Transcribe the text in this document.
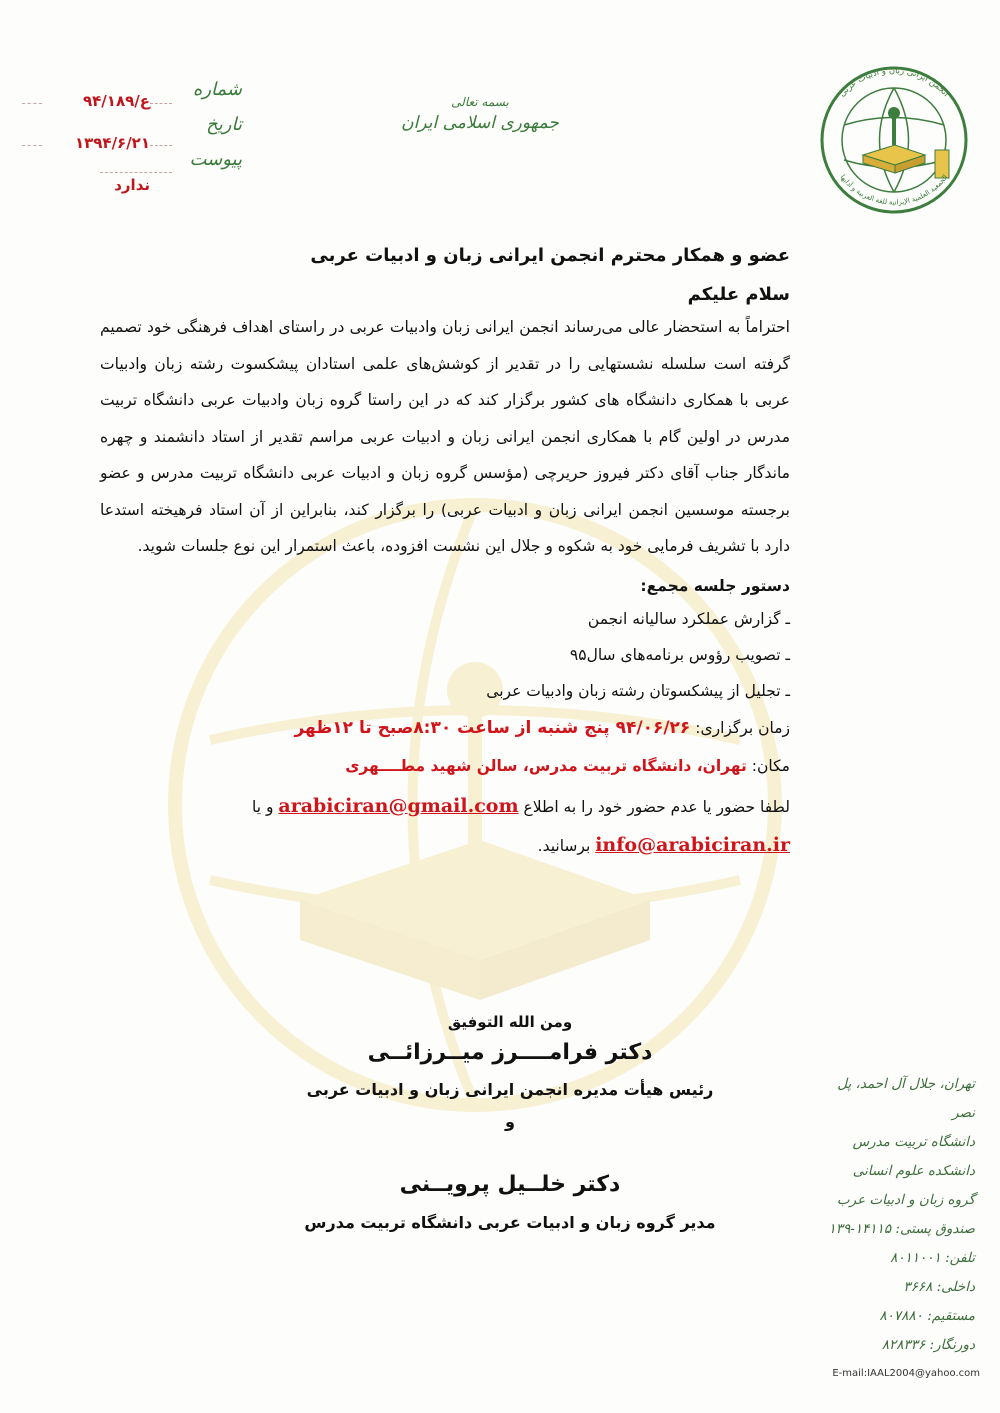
شماره
تاریخ
پیوست
ع/۹۴/۱۸۹
۱۳۹۴/۶/۲۱
ندارد
بسمه تعالی
جمهوری اسلامی ایران
انجمن ایرانی زبان و ادبیات عربی
الجمعیة العلمیة الإیرانیة للغة العربیة و آدابها

عضو و همکار محترم انجمن ایرانی زبان و ادبیات عربی

سلام علیکم

احتراماً به استحضار عالی می‌رساند انجمن ایرانی زبان وادبیات عربی در راستای اهداف فرهنگی خود تصمیم گرفته است سلسله نشستهایی را در تقدیر از کوشش‌های علمی استادان پیشکسوت رشته زبان وادبیات عربی با همکاری دانشگاه های کشور برگزار کند که در این راستا گروه زبان وادبیات عربی دانشگاه تربیت مدرس در اولین گام با همکاری انجمن ایرانی زبان و ادبیات عربی مراسم تقدیر از استاد دانشمند و چهره ماندگار جناب آقای دکتر فیروز حریرچی (مؤسس گروه زبان و ادبیات عربی دانشگاه تربیت مدرس و عضو برجسته موسسین انجمن ایرانی زبان و ادبیات عربی) را برگزار کند، بنابراین از آن استاد فرهیخته استدعا دارد با تشریف فرمایی خود به شکوه و جلال این نشست افزوده، باعث استمرار این نوع جلسات شوید.

دستور جلسه مجمع:
ـ گزارش عملکرد سالیانه انجمن
ـ تصویب رؤوس برنامه‌های سال۹۵
ـ تجلیل از پیشکسوتان رشته زبان وادبیات عربی
زمان برگزاری: ۹۴/۰۶/۲۶ پنج شنبه از ساعت ۸:۳۰صبح تا ۱۲ظهر
مکان: تهران، دانشگاه تربیت مدرس، سالن شهید مطــــهری
لطفا حضور یا عدم حضور خود را به اطلاع arabiciran@gmail.com و یا
info@arabiciran.ir برسانید.
ومن الله التوفیق
دکتر فرامــــرز میــرزائــی
رئیس هیأت مدیره انجمن ایرانی زبان و ادبیات عربی
و
دکتر خلــیل پرویــنی
مدیر گروه زبان و ادبیات عربی دانشگاه تربیت مدرس
تهران، جلال آل احمد، پل نصر
دانشگاه تربیت مدرس
دانشکده علوم انسانی
گروه زبان و ادبیات عرب
صندوق پستی: ۱۴۱۱۵-۱۳۹
تلفن: ۸۰۱۱۰۰۱
داخلی: ۳۶۶۸
مستقیم: ۸۰۷۸۸۰
دورنگار: ۸۲۸۳۳۶
E-mail:IAAL2004@yahoo.com
